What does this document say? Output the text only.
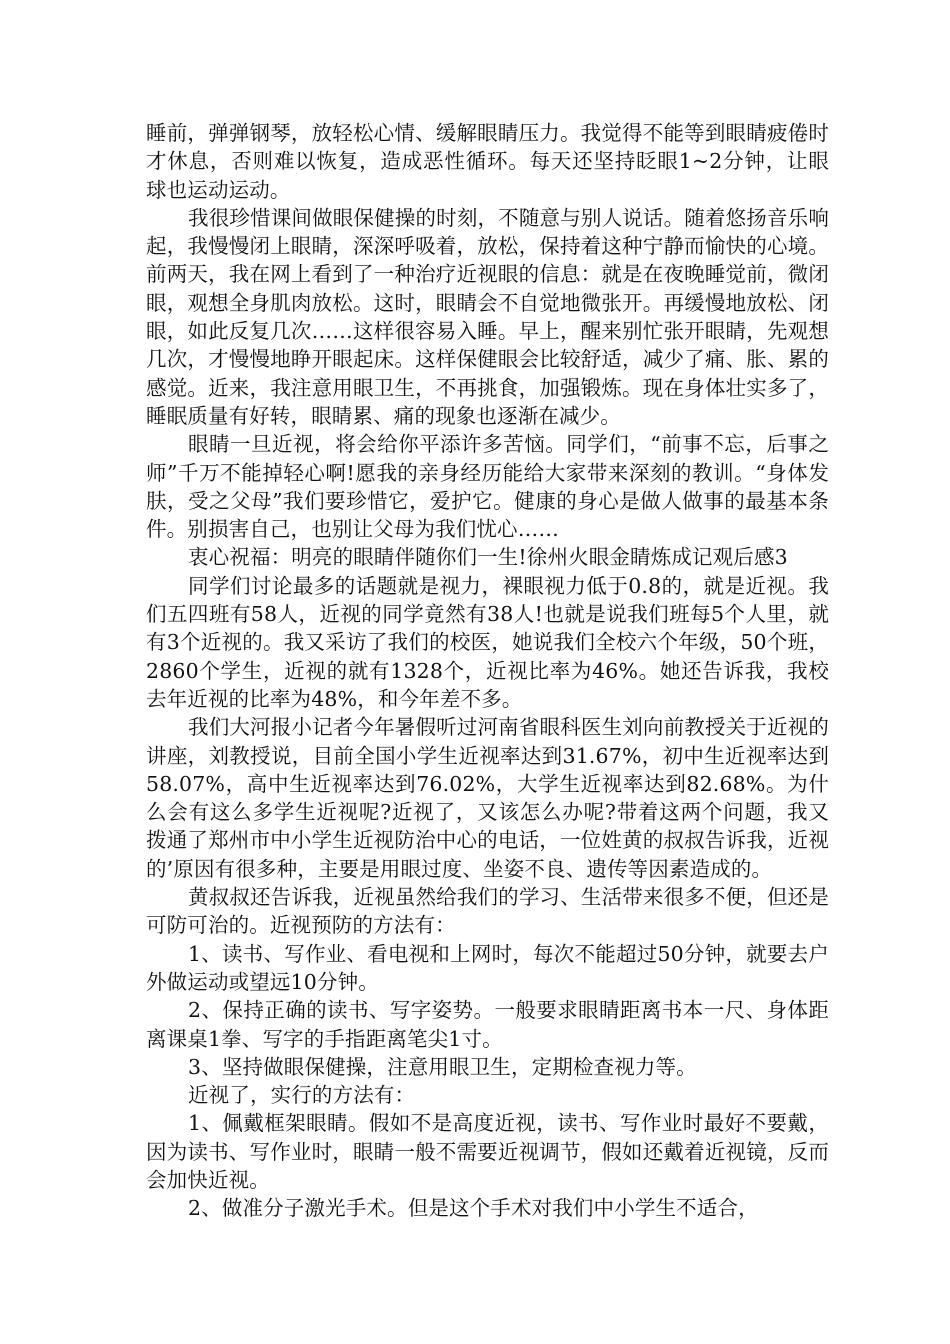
睡前，弹弹钢琴，放轻松心情、缓解眼睛压力。我觉得不能等到眼睛疲倦时才休息，否则难以恢复，造成恶性循环。每天还坚持眨眼1~2分钟，让眼球也运动运动。

我很珍惜课间做眼保健操的时刻，不随意与别人说话。随着悠扬音乐响起，我慢慢闭上眼睛，深深呼吸着，放松，保持着这种宁静而愉快的心境。前两天，我在网上看到了一种治疗近视眼的信息：就是在夜晚睡觉前，微闭眼，观想全身肌肉放松。这时，眼睛会不自觉地微张开。再缓慢地放松、闭眼，如此反复几次……这样很容易入睡。早上，醒来别忙张开眼睛，先观想几次，才慢慢地睁开眼起床。这样保健眼会比较舒适，减少了痛、胀、累的感觉。近来，我注意用眼卫生，不再挑食，加强锻炼。现在身体壮实多了，睡眠质量有好转，眼睛累、痛的现象也逐渐在减少。

眼睛一旦近视，将会给你平添许多苦恼。同学们，“前事不忘，后事之师”千万不能掉轻心啊!愿我的亲身经历能给大家带来深刻的教训。“身体发肤，受之父母”我们要珍惜它，爱护它。健康的身心是做人做事的最基本条件。别损害自己，也别让父母为我们忧心……

衷心祝福：明亮的眼睛伴随你们一生!徐州火眼金睛炼成记观后感3

同学们讨论最多的话题就是视力，裸眼视力低于0.8的，就是近视。我们五四班有58人，近视的同学竟然有38人!也就是说我们班每5个人里，就有3个近视的。我又采访了我们的校医，她说我们全校六个年级，50个班，2860个学生，近视的就有1328个，近视比率为46%。她还告诉我，我校去年近视的比率为48%，和今年差不多。

我们大河报小记者今年暑假听过河南省眼科医生刘向前教授关于近视的讲座，刘教授说，目前全国小学生近视率达到31.67%，初中生近视率达到58.07%，高中生近视率达到76.02%，大学生近视率达到82.68%。为什么会有这么多学生近视呢?近视了，又该怎么办呢?带着这两个问题，我又拨通了郑州市中小学生近视防治中心的电话，一位姓黄的叔叔告诉我，近视的’原因有很多种，主要是用眼过度、坐姿不良、遗传等因素造成的。

黄叔叔还告诉我，近视虽然给我们的学习、生活带来很多不便，但还是可防可治的。近视预防的方法有：

1、读书、写作业、看电视和上网时，每次不能超过50分钟，就要去户外做运动或望远10分钟。

2、保持正确的读书、写字姿势。一般要求眼睛距离书本一尺、身体距离课桌1拳、写字的手指距离笔尖1寸。

3、坚持做眼保健操，注意用眼卫生，定期检查视力等。

近视了，实行的方法有：

1、佩戴框架眼睛。假如不是高度近视，读书、写作业时最好不要戴，因为读书、写作业时，眼睛一般不需要近视调节，假如还戴着近视镜，反而会加快近视。

2、做准分子激光手术。但是这个手术对我们中小学生不适合，
